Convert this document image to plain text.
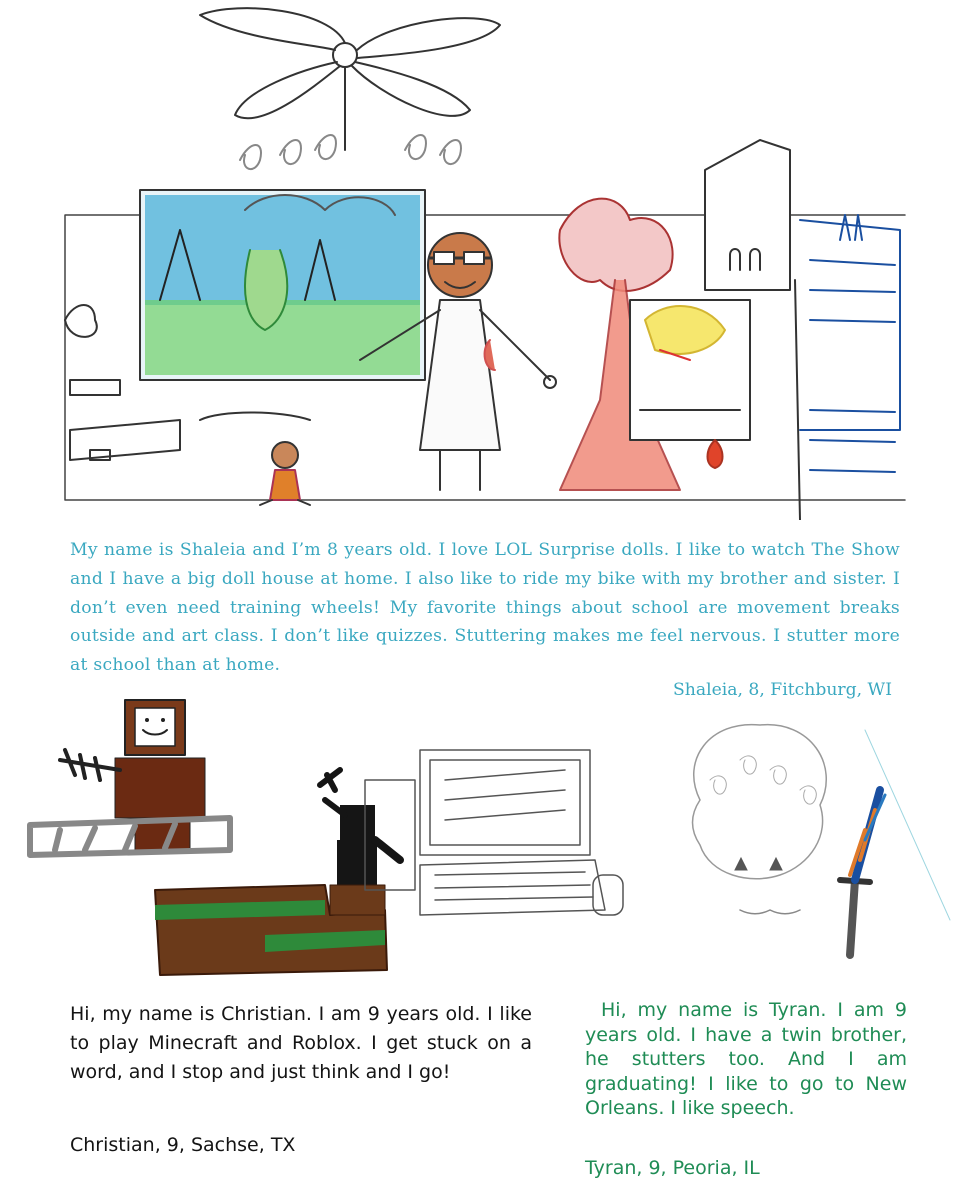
My name is Shaleia and I’m 8 years old. I love LOL Surprise dolls. I like to watch The Show and I have a big doll house at home. I also like to ride my bike with my brother and sister. I don’t even need training wheels! My favorite things about school are movement breaks outside and art class. I don’t like quizzes. Stuttering makes me feel nervous. I stutter more at school than at home.
Shaleia, 8, Fitchburg, WI
Hi, my name is Christian. I am 9 years old. I like to play Minecraft and Roblox. I get stuck on a word, and I stop and just think and I go!
Christian, 9, Sachse, TX
Hi, my name is Tyran. I am 9 years old. I have a twin brother, he stutters too. And I am graduating! I like to go to New Orleans. I like speech.
Tyran, 9, Peoria, IL
